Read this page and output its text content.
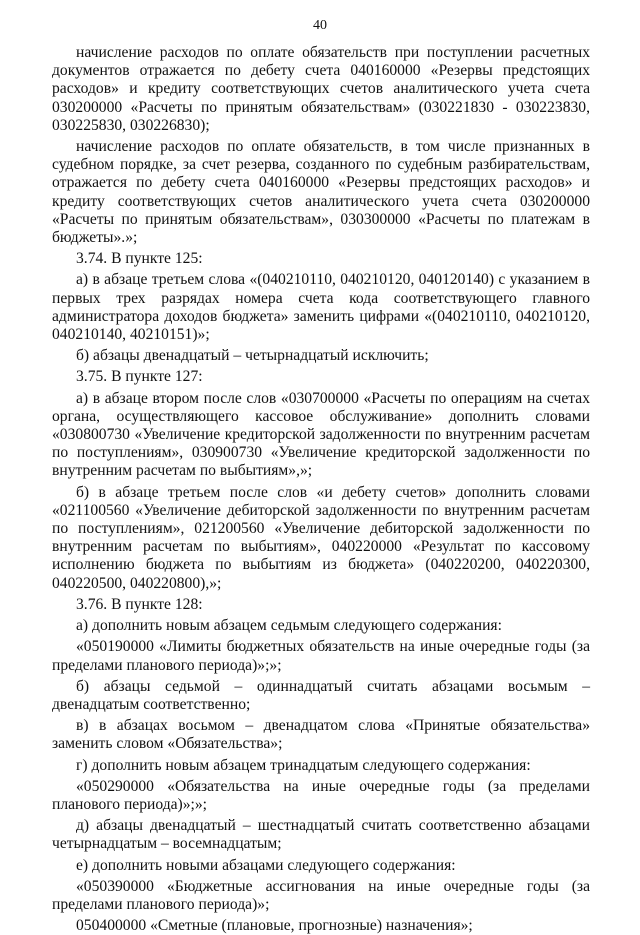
40

начисление расходов по оплате обязательств при поступлении расчетных документов отражается по дебету счета 040160000 «Резервы предстоящих расходов» и кредиту соответствующих счетов аналитического учета счета 030200000 «Расчеты по принятым обязательствам» (030221830 - 030223830, 030225830, 030226830);

начисление расходов по оплате обязательств, в том числе признанных в судебном порядке, за счет резерва, созданного по судебным разбирательствам, отражается по дебету счета 040160000 «Резервы предстоящих расходов» и кредиту соответствующих счетов аналитического учета счета 030200000 «Расчеты по принятым обязательствам», 030300000 «Расчеты по платежам в бюджеты».»;

3.74. В пункте 125:

а) в абзаце третьем слова «(040210110, 040210120, 040120140) с указанием в первых трех разрядах номера счета кода соответствующего главного администратора доходов бюджета» заменить цифрами «(040210110, 040210120, 040210140, 40210151)»;

б) абзацы двенадцатый – четырнадцатый исключить;

3.75. В пункте 127:

а) в абзаце втором после слов «030700000 «Расчеты по операциям на счетах органа, осуществляющего кассовое обслуживание» дополнить словами «030800730 «Увеличение кредиторской задолженности по внутренним расчетам по поступлениям», 030900730 «Увеличение кредиторской задолженности по внутренним расчетам по выбытиям»,»;

б) в абзаце третьем после слов «и дебету счетов» дополнить словами «021100560 «Увеличение дебиторской задолженности по внутренним расчетам по поступлениям», 021200560 «Увеличение дебиторской задолженности по внутренним расчетам по выбытиям», 040220000 «Результат по кассовому исполнению бюджета по выбытиям из бюджета» (040220200, 040220300, 040220500, 040220800),»;

3.76. В пункте 128:

а) дополнить новым абзацем седьмым следующего содержания:

«050190000 «Лимиты бюджетных обязательств на иные очередные годы (за пределами планового периода)»;»;

б) абзацы седьмой – одиннадцатый считать абзацами восьмым – двенадцатым соответственно;

в) в абзацах восьмом – двенадцатом слова «Принятые обязательства» заменить словом «Обязательства»;

г) дополнить новым абзацем тринадцатым следующего содержания:

«050290000 «Обязательства на иные очередные годы (за пределами планового периода)»;»;

д) абзацы двенадцатый – шестнадцатый считать соответственно абзацами четырнадцатым – восемнадцатым;

е) дополнить новыми абзацами следующего содержания:

«050390000 «Бюджетные ассигнования на иные очередные годы (за пределами планового периода)»;

050400000 «Сметные (плановые, прогнозные) назначения»;
